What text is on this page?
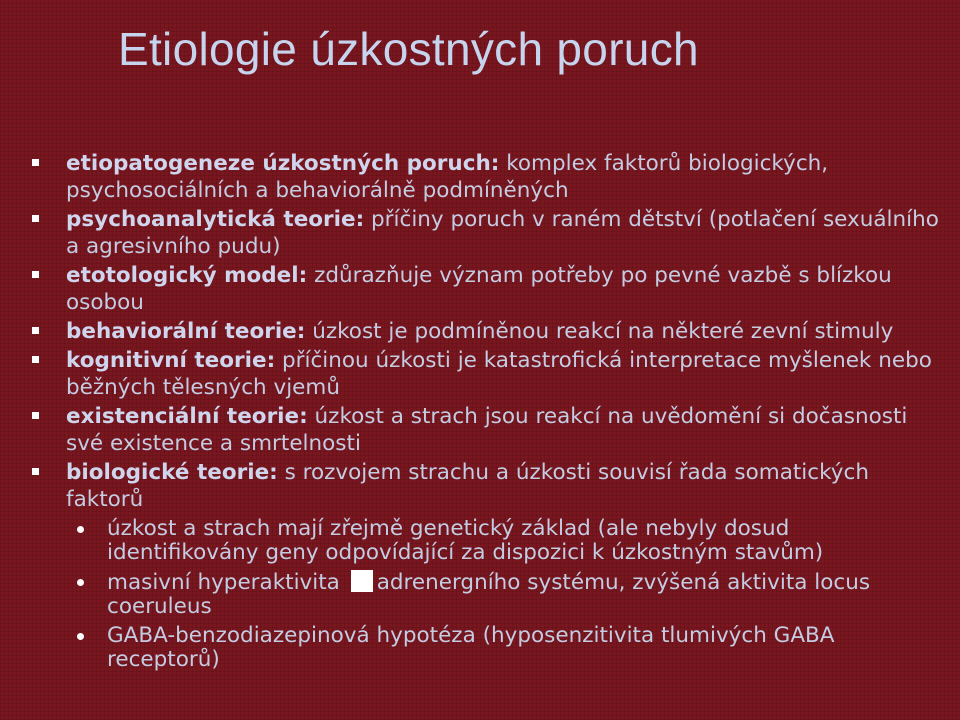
Etiologie úzkostných poruch
etiopatogeneze úzkostných poruch: komplex faktorů biologických, psychosociálních a behaviorálně podmíněných
psychoanalytická teorie: příčiny poruch v raném dětství (potlačení sexuálního a agresivního pudu)
etotologický model: zdůrazňuje význam potřeby po pevné vazbě s blízkou osobou
behaviorální teorie: úzkost je podmíněnou reakcí na některé zevní stimuly
kognitivní teorie: příčinou úzkosti je katastrofická interpretace myšlenek nebo běžných tělesných vjemů
existenciální teorie: úzkost a strach jsou reakcí na uvědomění si dočasnosti své existence a smrtelnosti
biologické teorie: s rozvojem strachu a úzkosti souvisí řada somatických faktorů
úzkost a strach mají zřejmě genetický základ (ale nebyly dosud identifikovány geny odpovídající za dispozici k úzkostným stavům)
masivní hyperaktivita adrenergního systému, zvýšená aktivita locus coeruleus
GABA-benzodiazepinová hypotéza (hyposenzitivita tlumivých GABA receptorů)
